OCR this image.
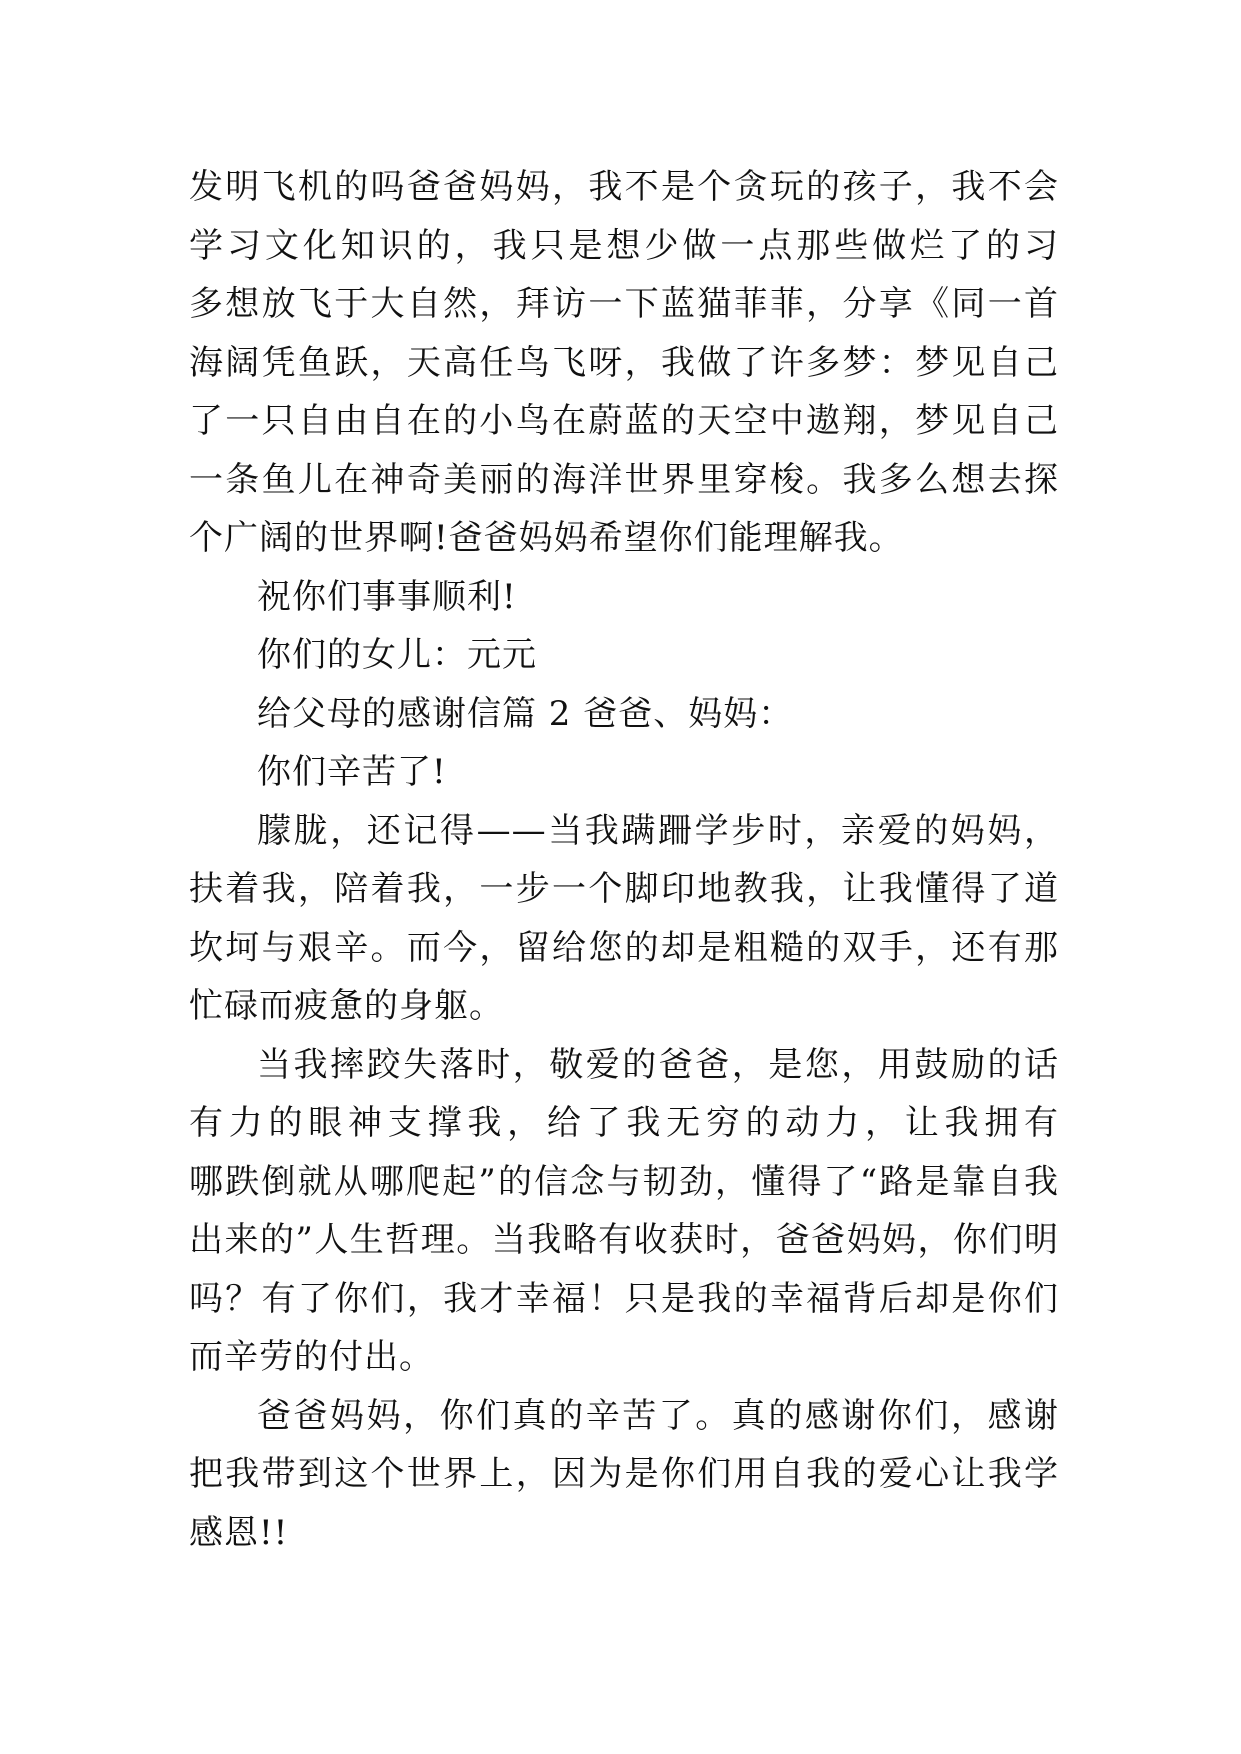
发明飞机的吗爸爸妈妈，我不是个贪玩的孩子，我不会
学习文化知识的，我只是想少做一点那些做烂了的习
多想放飞于大自然，拜访一下蓝猫菲菲，分享《同一首
海阔凭鱼跃，天高任鸟飞呀，我做了许多梦：梦见自己
了一只自由自在的小鸟在蔚蓝的天空中遨翔，梦见自己
一条鱼儿在神奇美丽的海洋世界里穿梭。我多么想去探
个广阔的世界啊!爸爸妈妈希望你们能理解我。
祝你们事事顺利!
你们的女儿：元元
给父母的感谢信篇 2 爸爸、妈妈：
你们辛苦了!
朦胧，还记得——当我蹒跚学步时，亲爱的妈妈，
扶着我，陪着我，一步一个脚印地教我，让我懂得了道
坎坷与艰辛。而今，留给您的却是粗糙的双手，还有那
忙碌而疲惫的身躯。
当我摔跤失落时，敬爱的爸爸，是您，用鼓励的话
有力的眼神支撑我，给了我无穷的动力，让我拥有
哪跌倒就从哪爬起”的信念与韧劲，懂得了“路是靠自我
出来的”人生哲理。当我略有收获时，爸爸妈妈，你们明
吗？有了你们，我才幸福！只是我的幸福背后却是你们
而辛劳的付出。
爸爸妈妈，你们真的辛苦了。真的感谢你们，感谢
把我带到这个世界上，因为是你们用自我的爱心让我学
感恩!!
